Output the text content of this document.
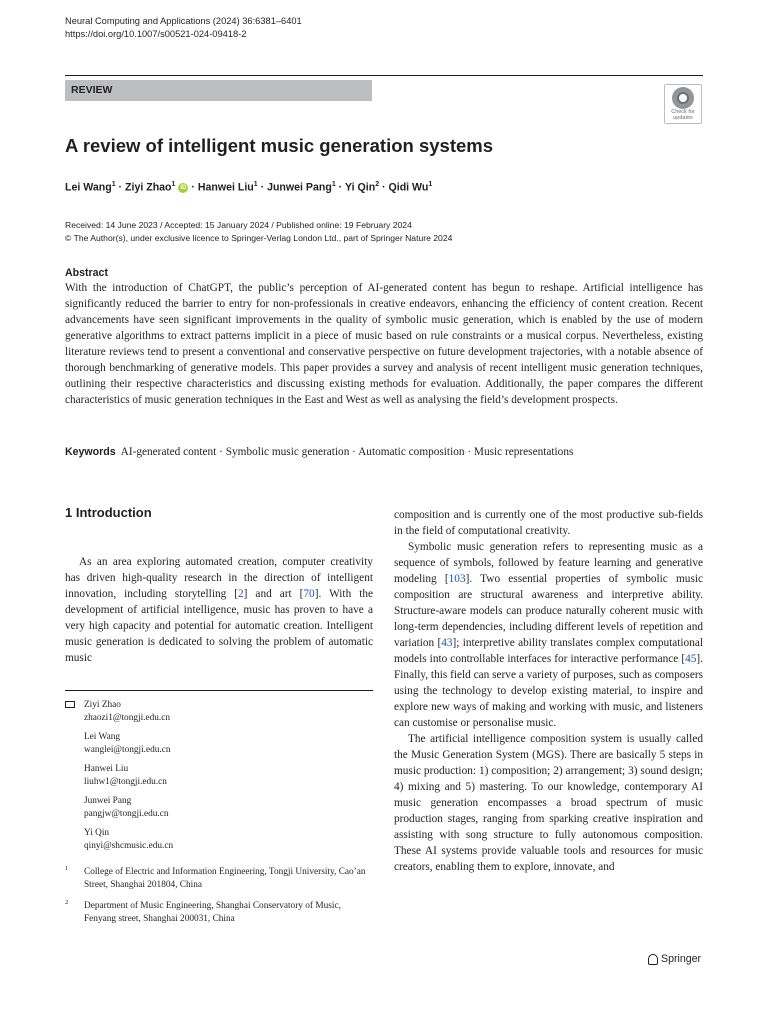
Neural Computing and Applications (2024) 36:6381–6401
https://doi.org/10.1007/s00521-024-09418-2
REVIEW
Check for updates
A review of intelligent music generation systems
Lei Wang$^1$ · Ziyi Zhao$^1$ iD · Hanwei Liu$^1$ · Junwei Pang$^1$ · Yi Qin$^2$ · Qidi Wu$^1$
Received: 14 June 2023 / Accepted: 15 January 2024 / Published online: 19 February 2024
© The Author(s), under exclusive licence to Springer-Verlag London Ltd., part of Springer Nature 2024
Abstract
With the introduction of ChatGPT, the public’s perception of AI-generated content has begun to reshape. Artificial intelligence has significantly reduced the barrier to entry for non-professionals in creative endeavors, enhancing the efficiency of content creation. Recent advancements have seen significant improvements in the quality of symbolic music generation, which is enabled by the use of modern generative algorithms to extract patterns implicit in a piece of music based on rule constraints or a musical corpus. Nevertheless, existing literature reviews tend to present a conventional and conservative perspective on future development trajectories, with a notable absence of thorough benchmarking of generative models. This paper provides a survey and analysis of recent intelligent music generation techniques, outlining their respective characteristics and discussing existing methods for evaluation. Additionally, the paper compares the different characteristics of music generation techniques in the East and West as well as analysing the field’s development prospects.
Keywords AI-generated content · Symbolic music generation · Automatic composition · Music representations
1 Introduction

As an area exploring automated creation, computer creativity has driven high-quality research in the direction of intelligent innovation, including storytelling [2] and art [70]. With the development of artificial intelligence, music has proven to have a very high capacity and potential for automatic creation. Intelligent music generation is dedicated to solving the problem of automatic music

Ziyi Zhao
zhaozi1@tongji.edu.cn
Lei Wang
wanglei@tongji.edu.cn
Hanwei Liu
liuhw1@tongji.edu.cn
Junwei Pang
pangjw@tongji.edu.cn
Yi Qin
qinyi@shcmusic.edu.cn
1 College of Electric and Information Engineering, Tongji University, Cao’an Street, Shanghai 201804, China
2 Department of Music Engineering, Shanghai Conservatory of Music, Fenyang street, Shanghai 200031, China

composition and is currently one of the most productive sub-fields in the field of computational creativity.

Symbolic music generation refers to representing music as a sequence of symbols, followed by feature learning and generative modeling [103]. Two essential properties of symbolic music composition are structural awareness and interpretive ability. Structure-aware models can produce naturally coherent music with long-term dependencies, including different levels of repetition and variation [43]; interpretive ability translates complex computational models into controllable interfaces for interactive performance [45]. Finally, this field can serve a variety of purposes, such as composers using the technology to develop existing material, to inspire and explore new ways of making and working with music, and listeners can customise or personalise music.

The artificial intelligence composition system is usually called the Music Generation System (MGS). There are basically 5 steps in music production: 1) composition; 2) arrangement; 3) sound design; 4) mixing and 5) mastering. To our knowledge, contemporary AI music generation encompasses a broad spectrum of music production stages, ranging from sparking creative inspiration and assisting with song structure to fully autonomous composition. These AI systems provide valuable tools and resources for music creators, enabling them to explore, innovate, and

Springer
